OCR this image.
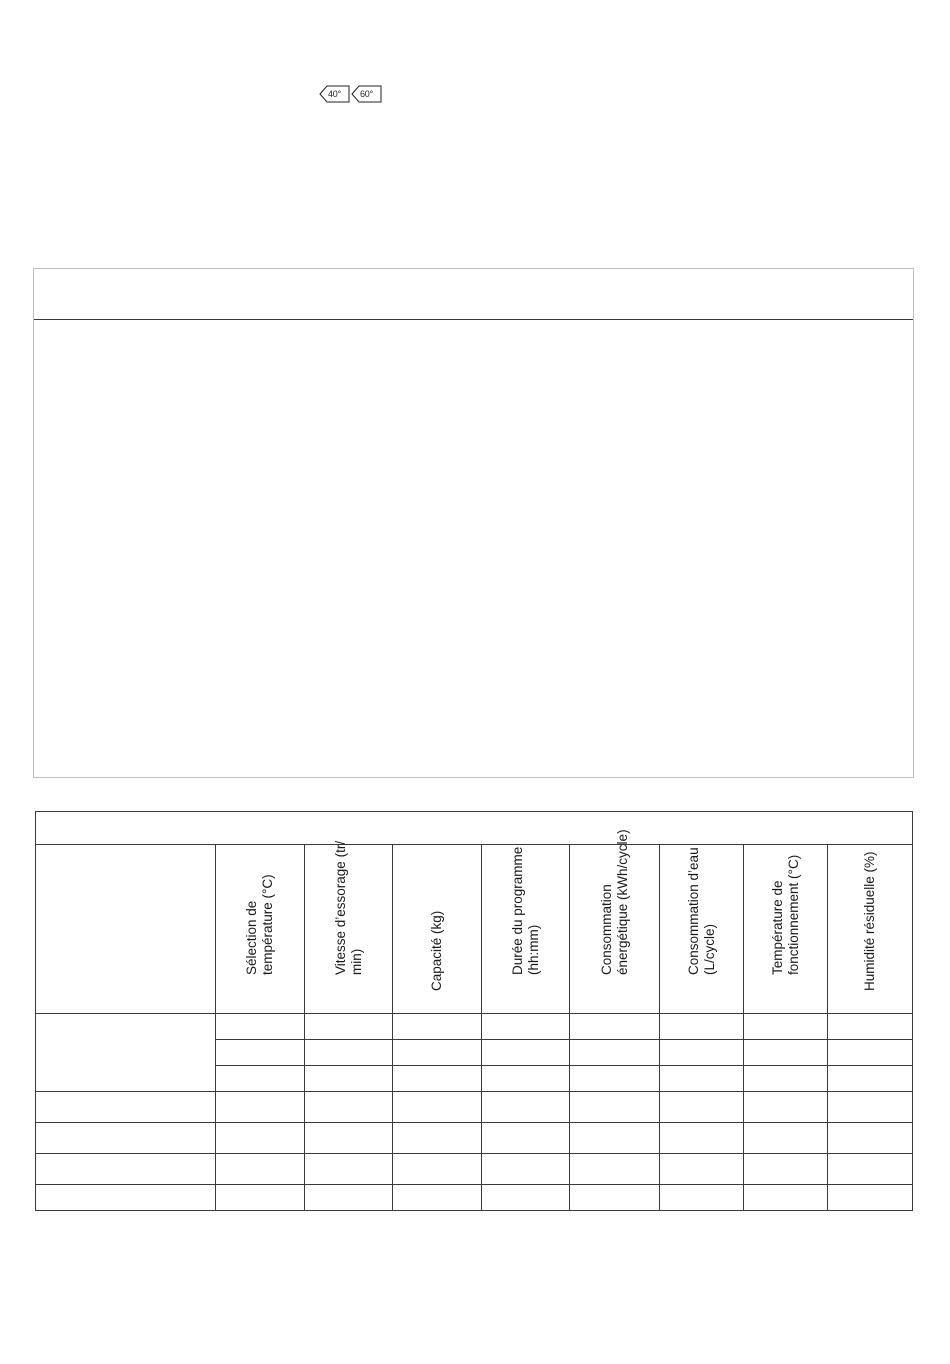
40° 60°

	Sélection de température (°C)	Vitesse d’essorage (tr/ min)	Capacité (kg)	Durée du programme (hh:mm)	Consommation énergétique (kWh/cycle)	Consommation d’eau (L/cycle)	Température de fonctionnement (°C)	Humidité résiduelle (%)
